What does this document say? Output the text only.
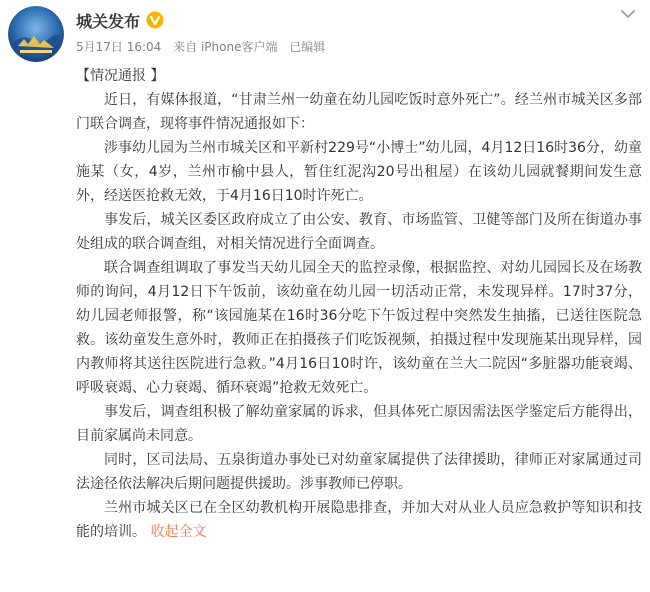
城关发布
5月17日 16:04 来自 iPhone客户端 已编辑

【情况通报 】

近日，有媒体报道，“甘肃兰州一幼童在幼儿园吃饭时意外死亡”。经兰州市城关区多部门联合调查，现将事件情况通报如下：

涉事幼儿园为兰州市城关区和平新村229号“小博士”幼儿园，4月12日16时36分，幼童施某（女，4岁，兰州市榆中县人，暂住红泥沟20号出租屋）在该幼儿园就餐期间发生意外，经送医抢救无效，于4月16日10时许死亡。

事发后，城关区委区政府成立了由公安、教育、市场监管、卫健等部门及所在街道办事处组成的联合调查组，对相关情况进行全面调查。

联合调查组调取了事发当天幼儿园全天的监控录像，根据监控、对幼儿园园长及在场教师的询问，4月12日下午饭前，该幼童在幼儿园一切活动正常，未发现异样。17时37分，幼儿园老师报警，称“该园施某在16时36分吃下午饭过程中突然发生抽搐，已送往医院急救。该幼童发生意外时，教师正在拍摄孩子们吃饭视频，拍摄过程中发现施某出现异样，园内教师将其送往医院进行急救。”4月16日10时许，该幼童在兰大二院因“多脏器功能衰竭、呼吸衰竭、心力衰竭、循环衰竭”抢救无效死亡。

事发后，调查组积极了解幼童家属的诉求，但具体死亡原因需法医学鉴定后方能得出，目前家属尚未同意。

同时，区司法局、五泉街道办事处已对幼童家属提供了法律援助，律师正对家属通过司法途径依法解决后期问题提供援助。涉事教师已停职。

兰州市城关区已在全区幼教机构开展隐患排查，并加大对从业人员应急救护等知识和技能的培训。 收起全文
